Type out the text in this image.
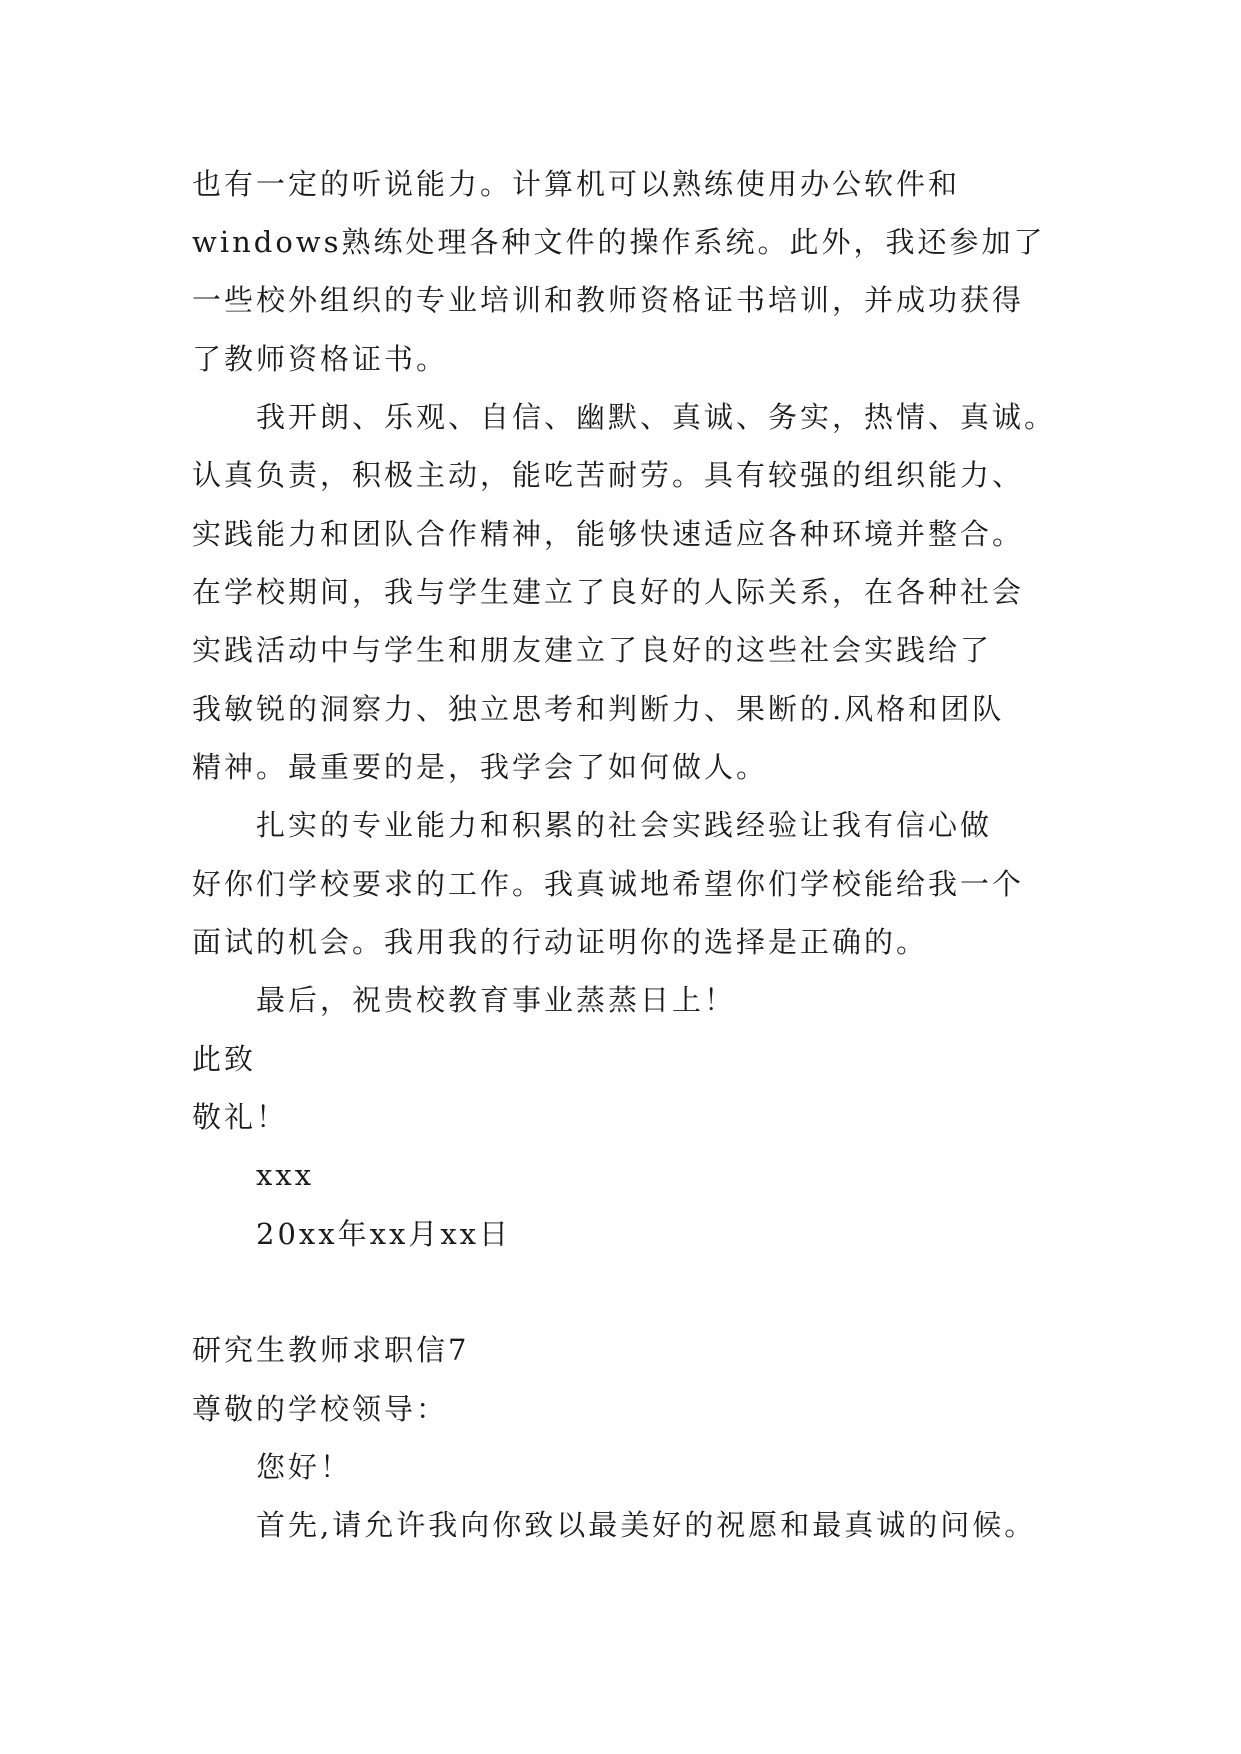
也有一定的听说能力。计算机可以熟练使用办公软件和
windows熟练处理各种文件的操作系统。此外，我还参加了
一些校外组织的专业培训和教师资格证书培训，并成功获得
了教师资格证书。
我开朗、乐观、自信、幽默、真诚、务实，热情、真诚。
认真负责，积极主动，能吃苦耐劳。具有较强的组织能力、
实践能力和团队合作精神，能够快速适应各种环境并整合。
在学校期间，我与学生建立了良好的人际关系，在各种社会
实践活动中与学生和朋友建立了良好的这些社会实践给了
我敏锐的洞察力、独立思考和判断力、果断的.风格和团队
精神。最重要的是，我学会了如何做人。
扎实的专业能力和积累的社会实践经验让我有信心做
好你们学校要求的工作。我真诚地希望你们学校能给我一个
面试的机会。我用我的行动证明你的选择是正确的。
最后，祝贵校教育事业蒸蒸日上！
此致
敬礼！
xxx
20xx年xx月xx日
研究生教师求职信7
尊敬的学校领导：
您好！
首先,请允许我向你致以最美好的祝愿和最真诚的问候。
